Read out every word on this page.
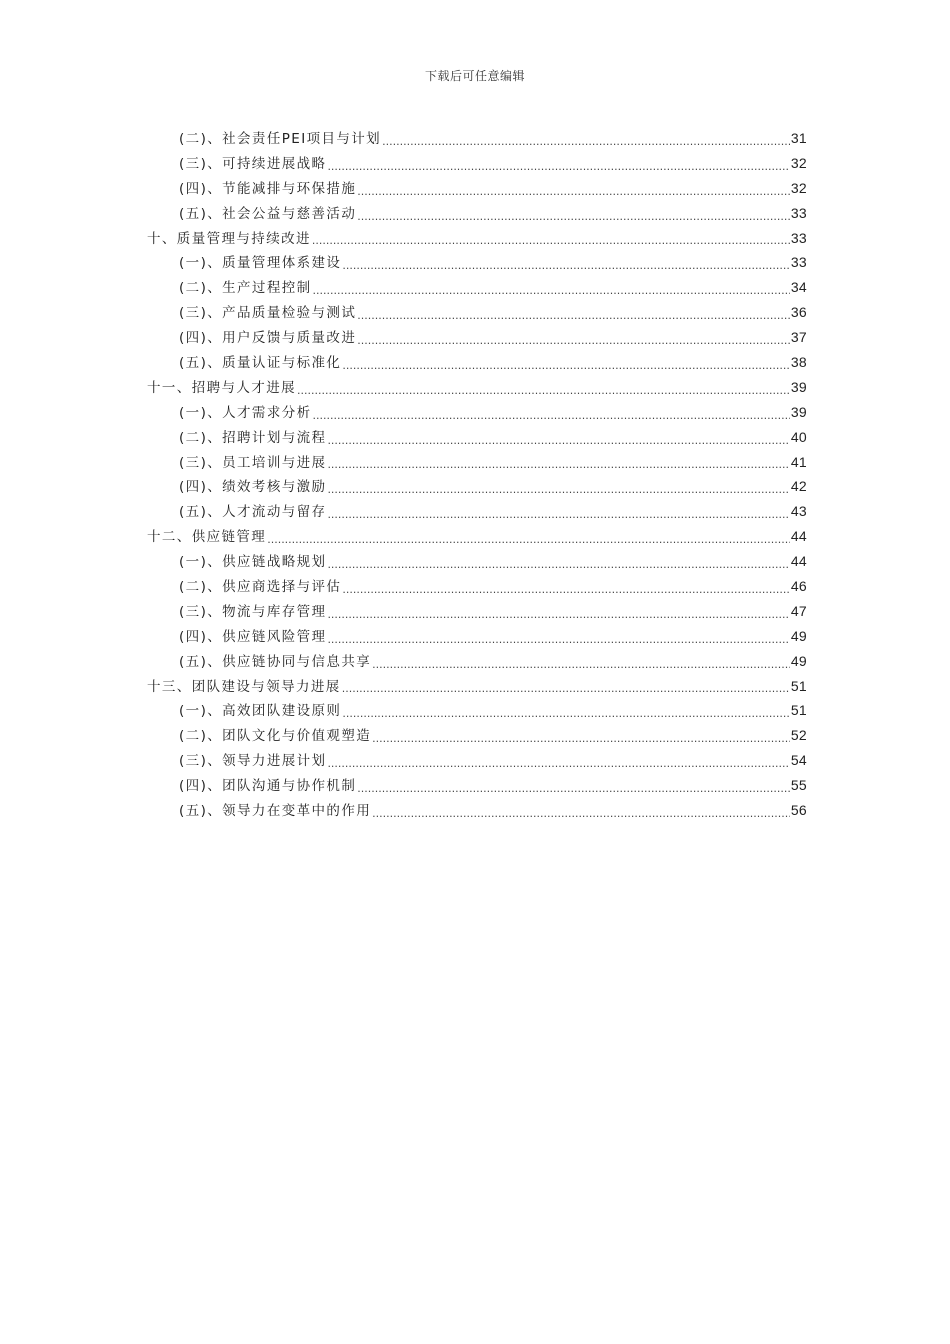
下载后可任意编辑
(二)、社会责任PEI项目与计划 .....	31
(三)、可持续进展战略 .....	32
(四)、节能减排与环保措施 .....	32
(五)、社会公益与慈善活动 .....	33
十、质量管理与持续改进 .....	33
(一)、质量管理体系建设 .....	33
(二)、生产过程控制 .....	34
(三)、产品质量检验与测试 .....	36
(四)、用户反馈与质量改进 .....	37
(五)、质量认证与标准化 .....	38
十一、招聘与人才进展 .....	39
(一)、人才需求分析 .....	39
(二)、招聘计划与流程 .....	40
(三)、员工培训与进展 .....	41
(四)、绩效考核与激励 .....	42
(五)、人才流动与留存 .....	43
十二、供应链管理 .....	44
(一)、供应链战略规划 .....	44
(二)、供应商选择与评估 .....	46
(三)、物流与库存管理 .....	47
(四)、供应链风险管理 .....	49
(五)、供应链协同与信息共享 .....	49
十三、团队建设与领导力进展 .....	51
(一)、高效团队建设原则 .....	51
(二)、团队文化与价值观塑造 .....	52
(三)、领导力进展计划 .....	54
(四)、团队沟通与协作机制 .....	55
(五)、领导力在变革中的作用 .....	56
